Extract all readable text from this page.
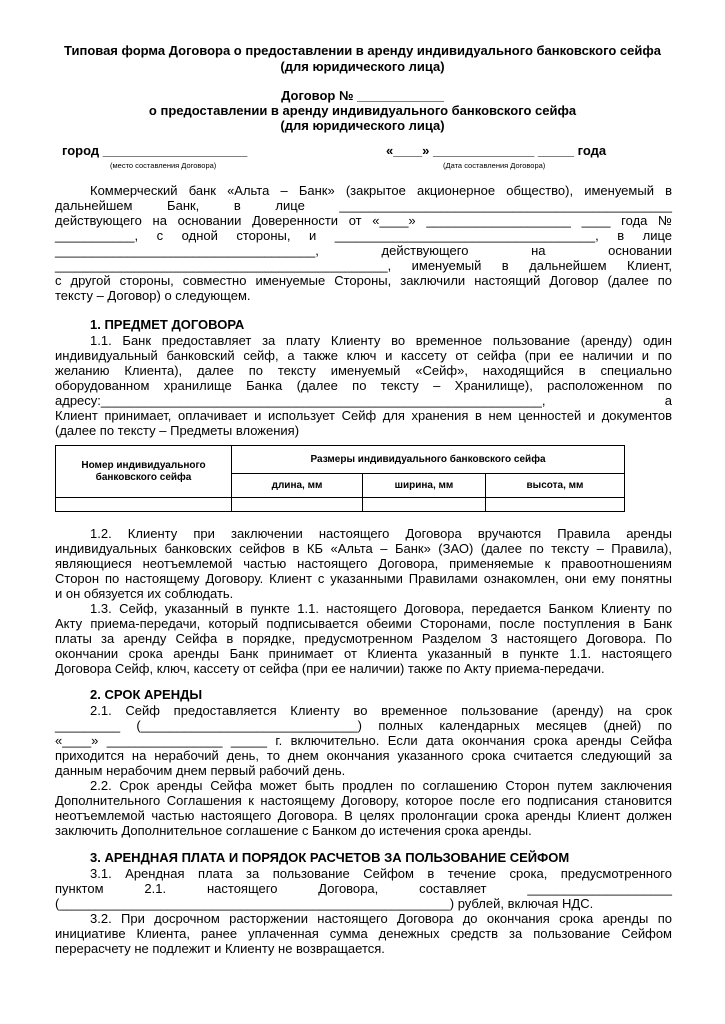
Типовая форма Договора о предоставлении в аренду индивидуального банковского сейфа
(для юридического лица)
Договор № ____________
о предоставлении в аренду индивидуального банковского сейфа
(для юридического лица)
город ____________________	«____» ______________ _____ года
(место составления Договора)	(Дата составления Договора)
Коммерческий банк «Альта – Банк» (закрытое акционерное общество), именуемый в
дальнейшем Банк, в лице ______________________________________________
действующего на основании Доверенности от «____» ____________________ ____ года №
___________, с одной стороны, и ____________________________________, в лице
____________________________________, действующего на основании
______________________________________________, именуемый в дальнейшем Клиент,
с другой стороны, совместно именуемые Стороны, заключили настоящий Договор (далее по
тексту – Договор) о следующем.
1. ПРЕДМЕТ ДОГОВОРА
1.1. Банк предоставляет за плату Клиенту во временное пользование (аренду) один
индивидуальный банковский сейф, а также ключ и кассету от сейфа (при ее наличии и по
желанию Клиента), далее по тексту именуемый «Сейф», находящийся в специально
оборудованном хранилище Банка (далее по тексту – Хранилище), расположенном по
адресу:_____________________________________________________________, а
Клиент принимает, оплачивает и использует Сейф для хранения в нем ценностей и документов
(далее по тексту – Предметы вложения)
Номер индивидуального банковского сейфа	Размеры индивидуального банковского сейфа		
	длина, мм	ширина, мм	высота, мм

1.2. Клиенту при заключении настоящего Договора вручаются Правила аренды
индивидуальных банковских сейфов в КБ «Альта – Банк» (ЗАО) (далее по тексту – Правила),
являющиеся неотъемлемой частью настоящего Договора, применяемые к правоотношениям
Сторон по настоящему Договору. Клиент с указанными Правилами ознакомлен, они ему понятны
и он обязуется их соблюдать.
1.3. Сейф, указанный в пункте 1.1. настоящего Договора, передается Банком Клиенту по
Акту приема-передачи, который подписывается обеими Сторонами, после поступления в Банк
платы за аренду Сейфа в порядке, предусмотренном Разделом 3 настоящего Договора. По
окончании срока аренды Банк принимает от Клиента указанный в пункте 1.1. настоящего
Договора Сейф, ключ, кассету от сейфа (при ее наличии) также по Акту приема-передачи.
2. СРОК АРЕНДЫ
2.1. Сейф предоставляется Клиенту во временное пользование (аренду) на срок
_________ (______________________________) полных календарных месяцев (дней) по
«____» ________________ _____ г. включительно. Если дата окончания срока аренды Сейфа
приходится на нерабочий день, то днем окончания указанного срока считается следующий за
данным нерабочим днем первый рабочий день.
2.2. Срок аренды Сейфа может быть продлен по соглашению Сторон путем заключения
Дополнительного Соглашения к настоящему Договору, которое после его подписания становится
неотъемлемой частью настоящего Договора. В целях пролонгации срока аренды Клиент должен
заключить Дополнительное соглашение с Банком до истечения срока аренды.
3. АРЕНДНАЯ ПЛАТА И ПОРЯДОК РАСЧЕТОВ ЗА ПОЛЬЗОВАНИЕ СЕЙФОМ
3.1. Арендная плата за пользование Сейфом в течение срока, предусмотренного
пунктом 2.1. настоящего Договора, составляет ____________________
(______________________________________________________) рублей, включая НДС.
3.2. При досрочном расторжении настоящего Договора до окончания срока аренды по
инициативе Клиента, ранее уплаченная сумма денежных средств за пользование Сейфом
перерасчету не подлежит и Клиенту не возвращается.
